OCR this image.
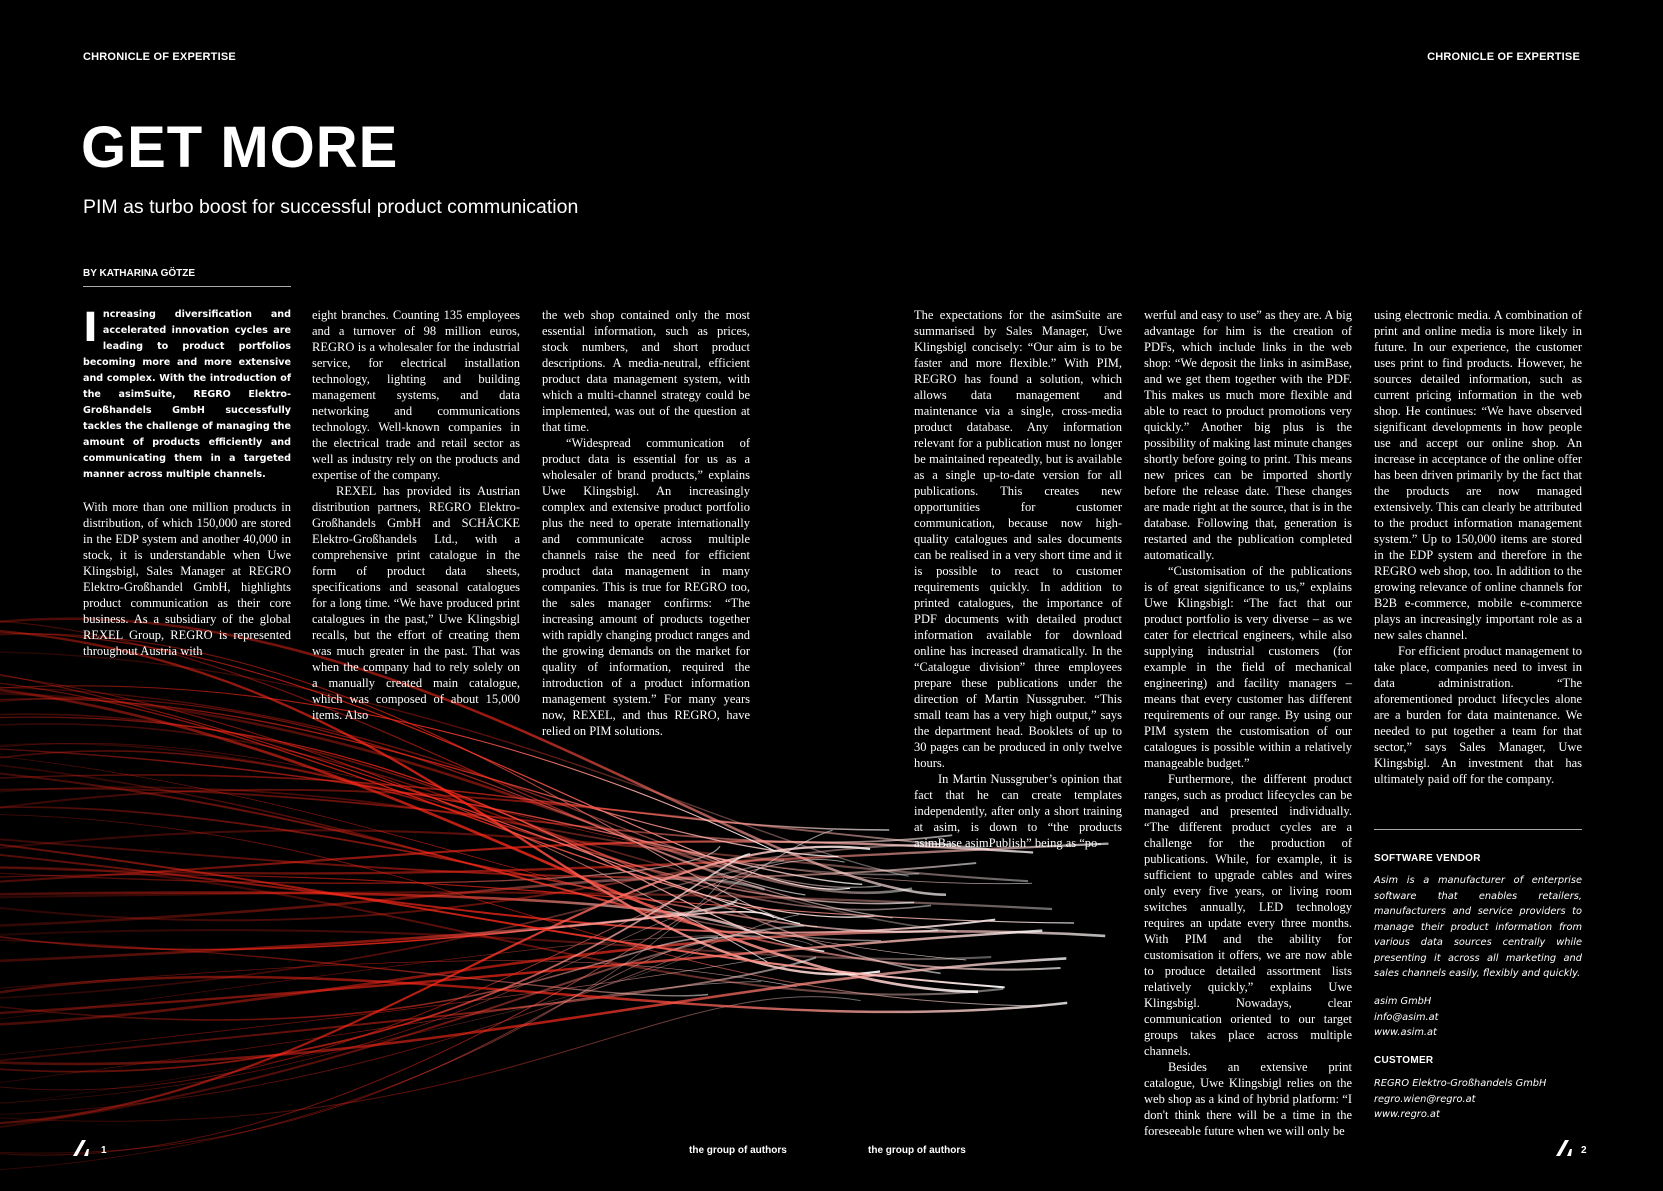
CHRONICLE OF EXPERTISE	CHRONICLE OF EXPERTISE
GET MORE
PIM as turbo boost for successful product communication
BY KATHARINA GÖTZE

Increasing diversification and accelerated innovation cycles are leading to product portfolios becoming more and more extensive and complex. With the introduction of the asimSuite, REGRO Elektro-Großhandels GmbH successfully tackles the challenge of managing the amount of products efficiently and communicating them in a targeted manner across multiple channels.

With more than one million products in distribution, of which 150,000 are stored in the EDP system and another 40,000 in stock, it is understandable when Uwe Klingsbigl, Sales Manager at REGRO Elektro-Großhandel GmbH, highlights product communication as their core business. As a subsidiary of the global REXEL Group, REGRO is represented throughout Austria with

eight branches. Counting 135 employees and a turnover of 98 million euros, REGRO is a wholesaler for the industrial service, for electrical installation technology, lighting and building management systems, and data networking and communications technology. Well-known companies in the electrical trade and retail sector as well as industry rely on the products and expertise of the company.

REXEL has provided its Austrian distribution partners, REGRO Elektro-Großhandels GmbH and SCHÄCKE Elektro-Großhandels Ltd., with a comprehensive print catalogue in the form of product data sheets, specifications and seasonal catalogues for a long time. “We have produced print catalogues in the past,” Uwe Klingsbigl recalls, but the effort of creating them was much greater in the past. That was when the company had to rely solely on a manually created main catalogue, which was composed of about 15,000 items. Also

the web shop contained only the most essential information, such as prices, stock numbers, and short product descriptions. A media-neutral, efficient product data management system, with which a multi-channel strategy could be implemented, was out of the question at that time.

“Widespread communication of product data is essential for us as a wholesaler of brand products,” explains Uwe Klingsbigl. An increasingly complex and extensive product portfolio plus the need to operate internationally and communicate across multiple channels raise the need for efficient product data management in many companies. This is true for REGRO too, the sales manager confirms: “The increasing amount of products together with rapidly changing product ranges and the growing demands on the market for quality of information, required the introduction of a product information management system.” For many years now, REXEL, and thus REGRO, have relied on PIM solutions.

The expectations for the asimSuite are summarised by Sales Manager, Uwe Klingsbigl concisely: “Our aim is to be faster and more flexible.” With PIM, REGRO has found a solution, which allows data management and maintenance via a single, cross-media product database. Any information relevant for a publication must no longer be maintained repeatedly, but is available as a single up-to-date version for all publications. This creates new opportunities for customer communication, because now high-quality catalogues and sales documents can be realised in a very short time and it is possible to react to customer requirements quickly. In addition to printed catalogues, the importance of PDF documents with detailed product information available for download online has increased dramatically. In the “Catalogue division” three employees prepare these publications under the direction of Martin Nussgruber. “This small team has a very high output,” says the department head. Booklets of up to 30 pages can be produced in only twelve hours.

In Martin Nussgruber’s opinion that fact that he can create templates independently, after only a short training at asim, is down to “the products asimBase asimPublish” being as “po-

werful and easy to use” as they are. A big advantage for him is the creation of PDFs, which include links in the web shop: “We deposit the links in asimBase, and we get them together with the PDF. This makes us much more flexible and able to react to product promotions very quickly.” Another big plus is the possibility of making last minute changes shortly before going to print. This means new prices can be imported shortly before the release date. These changes are made right at the source, that is in the database. Following that, generation is restarted and the publication completed automatically.

“Customisation of the publications is of great significance to us,” explains Uwe Klingsbigl: “The fact that our product portfolio is very diverse – as we cater for electrical engineers, while also supplying industrial customers (for example in the field of mechanical engineering) and facility managers – means that every customer has different requirements of our range. By using our PIM system the customisation of our catalogues is possible within a relatively manageable budget.”

Furthermore, the different product ranges, such as product lifecycles can be managed and presented individually. “The different product cycles are a challenge for the production of publications. While, for example, it is sufficient to upgrade cables and wires only every five years, or living room switches annually, LED technology requires an update every three months. With PIM and the ability for customisation it offers, we are now able to produce detailed assortment lists relatively quickly,” explains Uwe Klingsbigl. Nowadays, clear communication oriented to our target groups takes place across multiple channels.

Besides an extensive print catalogue, Uwe Klingsbigl relies on the web shop as a kind of hybrid platform: “I don't think there will be a time in the foreseeable future when we will only be

using electronic media. A combination of print and online media is more likely in future. In our experience, the customer uses print to find products. However, he sources detailed information, such as current pricing information in the web shop. He continues: “We have observed significant developments in how people use and accept our online shop. An increase in acceptance of the online offer has been driven primarily by the fact that the products are now managed extensively. This can clearly be attributed to the product information management system.” Up to 150,000 items are stored in the EDP system and therefore in the REGRO web shop, too. In addition to the growing relevance of online channels for B2B e-commerce, mobile e-commerce plays an increasingly important role as a new sales channel.

For efficient product management to take place, companies need to invest in data administration. “The aforementioned product lifecycles alone are a burden for data maintenance. We needed to put together a team for that sector,” says Sales Manager, Uwe Klingsbigl. An investment that has ultimately paid off for the company.

SOFTWARE VENDOR
Asim is a manufacturer of enterprise software that enables retailers, manufacturers and service providers to manage their product information from various data sources centrally while presenting it across all marketing and sales channels easily, flexibly and quickly.
asim GmbH
info@asim.at
www.asim.at
CUSTOMER
REGRO Elektro-Großhandels GmbH
regro.wien@regro.at
www.regro.at
1	the group of authors	the group of authors	2
